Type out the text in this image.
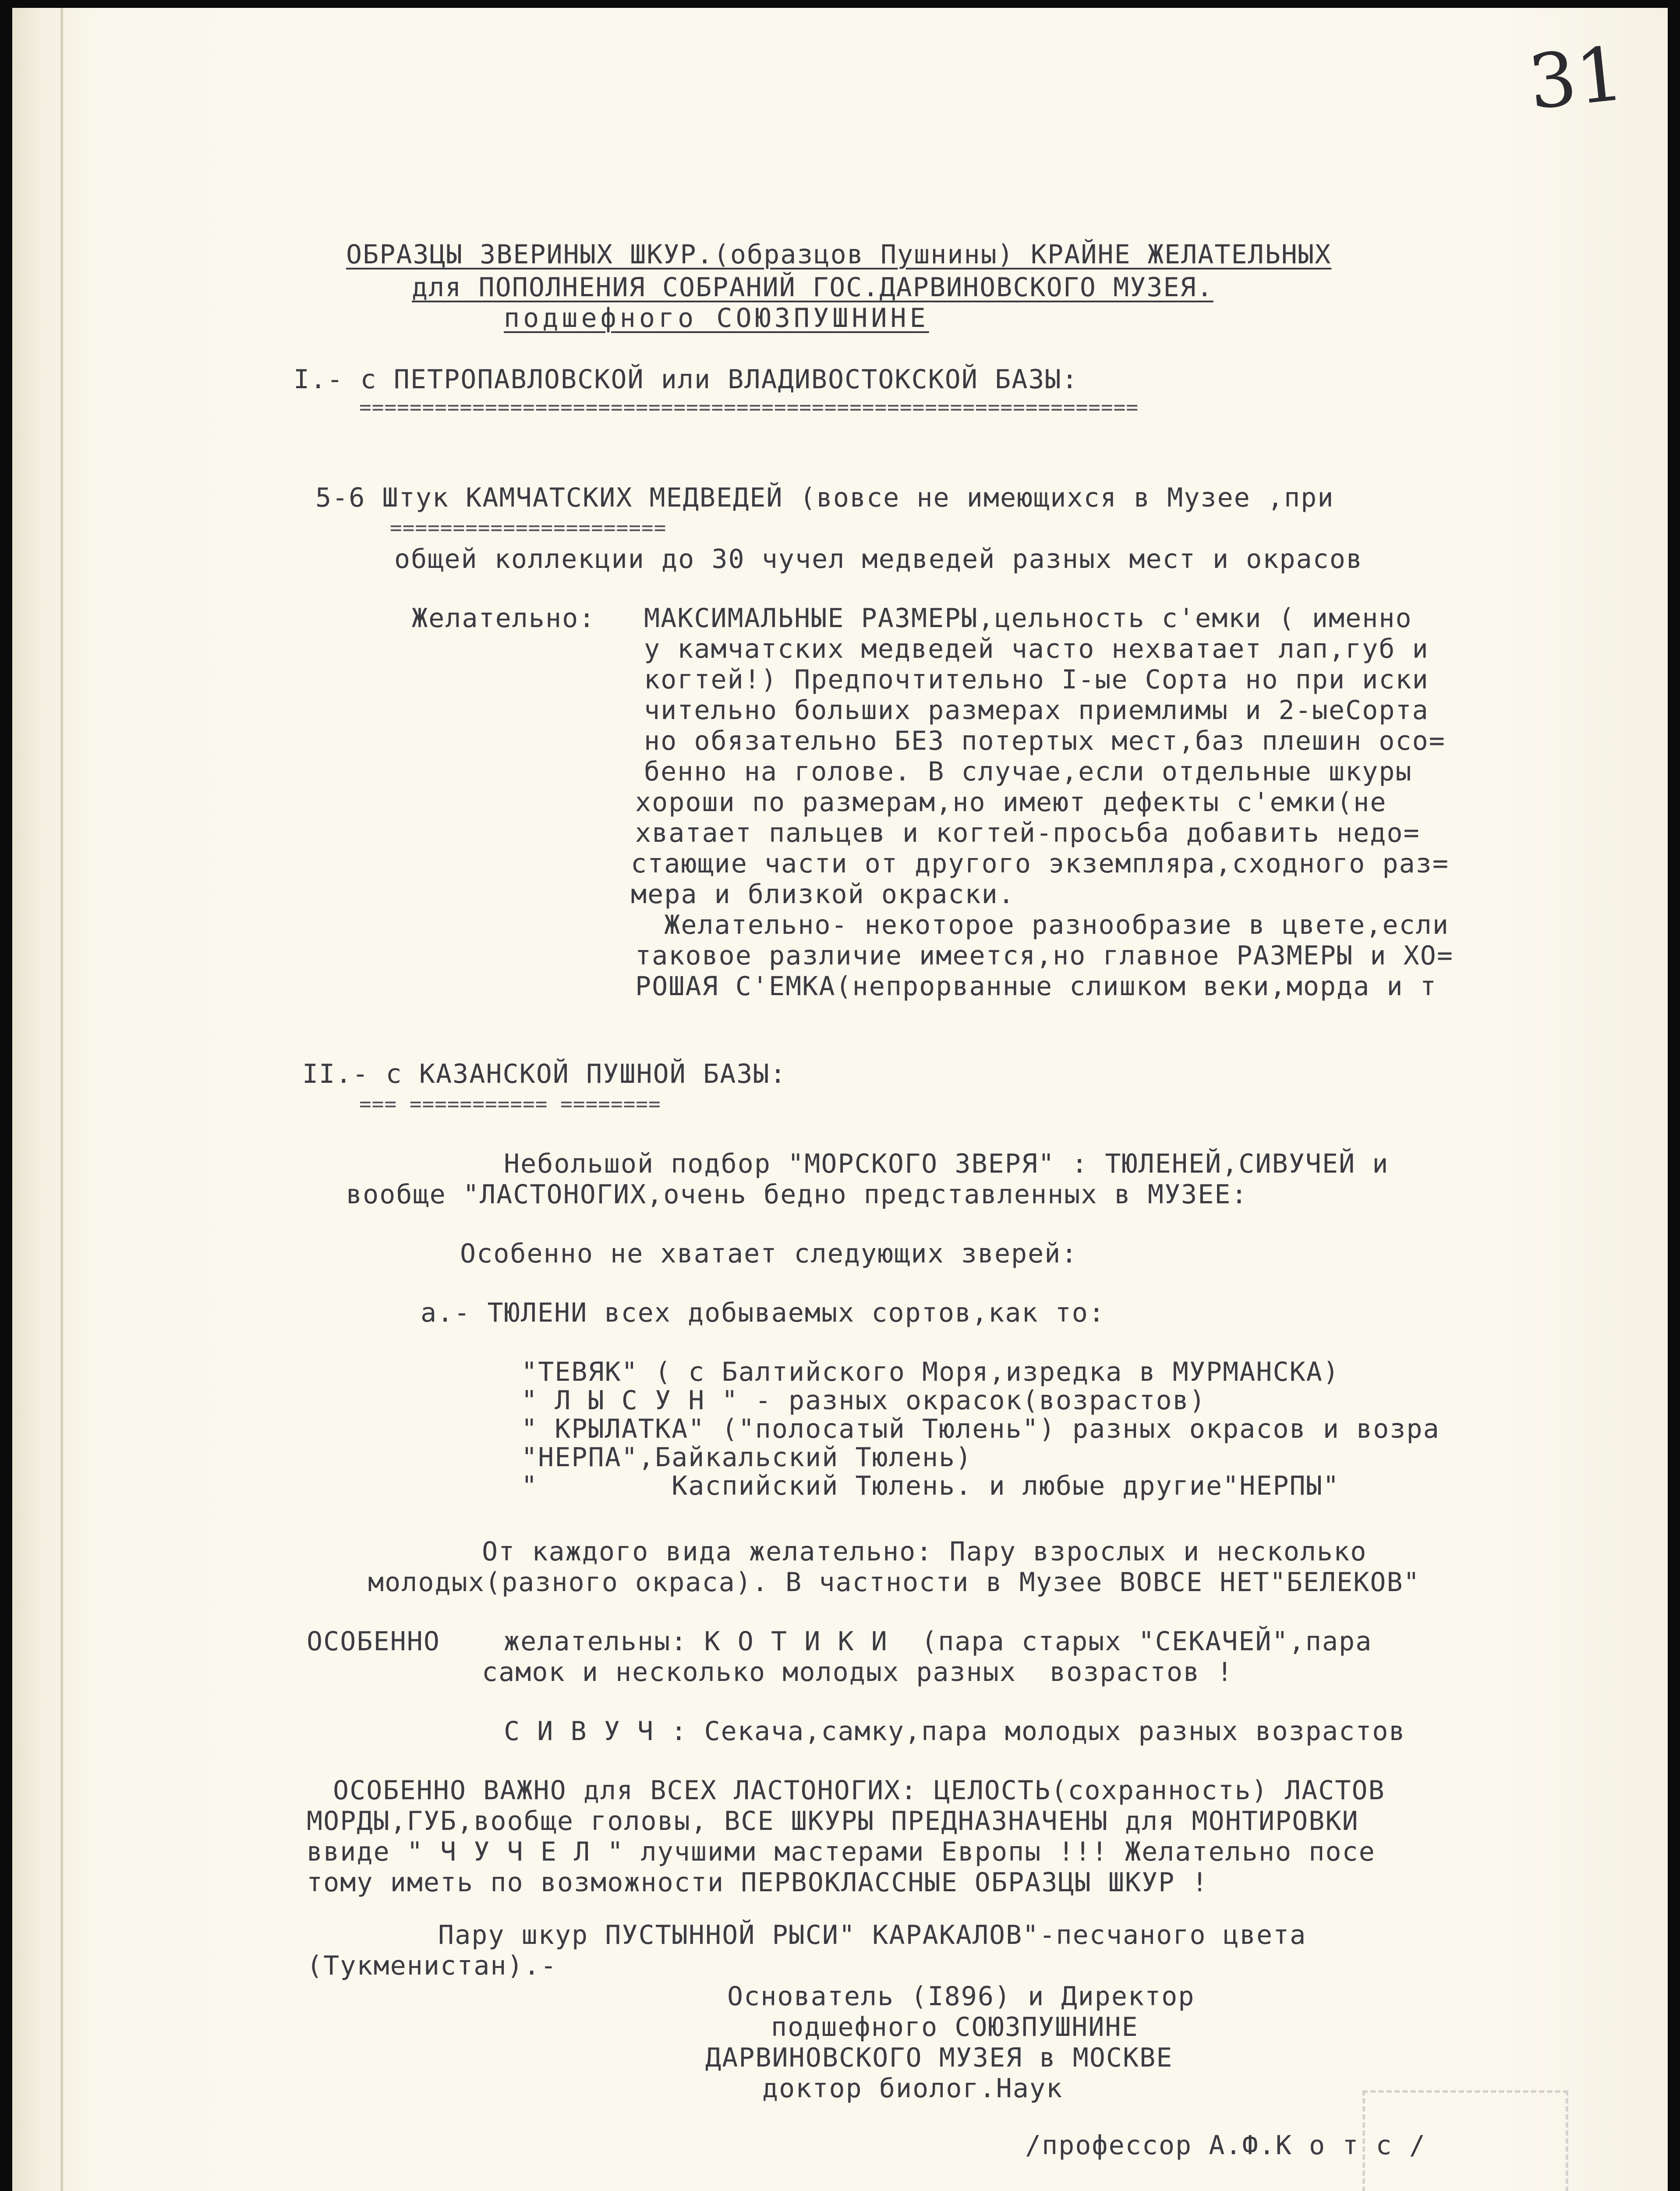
31
ОБРАЗЦЫ ЗВЕРИНЫХ ШКУР.(образцов Пушнины) КРАЙНЕ ЖЕЛАТЕЛЬНЫХ
для ПОПОЛНЕНИЯ СОБРАНИЙ ГОС.ДАРВИНОВСКОГО МУЗЕЯ.
подшефного СОЮЗПУШНИНЕ
I.- с ПЕТРОПАВЛОВСКОЙ или ВЛАДИВОСТОКСКОЙ БАЗЫ:
==============================================================
5-6 Штук КАМЧАТСКИХ МЕДВЕДЕЙ (вовсе не имеющихся в Музее ,при
======================
общей коллекции до 30 чучел медведей разных мест и окрасов
Желательно: МАКСИМАЛЬНЫЕ РАЗМЕРЫ,цельность с'емки ( именно
у камчатских медведей часто нехватает лап,губ и
когтей!) Предпочтительно I-ые Сорта но при иски
чительно больших размерах приемлимы и 2-ыеСорта
но обязательно БЕЗ потертых мест,баз плешин осо=
бенно на голове. В случае,если отдельные шкуры
хороши по размерам,но имеют дефекты с'емки(не
хватает пальцев и когтей-просьба добавить недо=
стающие части от другого экземпляра,сходного раз=
мера и близкой окраски.
Желательно- некоторое разнообразие в цвете,если
таковое различие имеется,но главное РАЗМЕРЫ и ХО=
РОШАЯ С'ЕМКА(непрорванные слишком веки,морда и т
II.- с КАЗАНСКОЙ ПУШНОЙ БАЗЫ:
=== =========== ========
Небольшой подбор "МОРСКОГО ЗВЕРЯ" : ТЮЛЕНЕЙ,СИВУЧЕЙ и
вообще "ЛАСТОНОГИХ,очень бедно представленных в МУЗЕЕ:
Особенно не хватает следующих зверей:
а.- ТЮЛЕНИ всех добываемых сортов,как то:
"ТЕВЯК" ( с Балтийского Моря,изредка в МУРМАНСКА)
" Л Ы С У Н " - разных окрасок(возрастов)
" КРЫЛАТКА" ("полосатый Тюлень") разных окрасов и возра
"НЕРПА",Байкальский Тюлень)
"        Каспийский Тюлень. и любые другие"НЕРПЫ"
От каждого вида желательно: Пару взрослых и несколько
молодых(разного окраса). В частности в Музее ВОВСЕ НЕТ"БЕЛЕКОВ"
ОСОБЕННО желательны: К О Т И К И  (пара старых "СЕКАЧЕЙ",пара
самок и несколько молодых разных  возрастов !
С И В У Ч : Секача,самку,пара молодых разных возрастов
ОСОБЕННО ВАЖНО для ВСЕХ ЛАСТОНОГИХ: ЦЕЛОСТЬ(сохранность) ЛАСТОВ
МОРДЫ,ГУБ,вообще головы, ВСЕ ШКУРЫ ПРЕДНАЗНАЧЕНЫ для МОНТИРОВКИ
ввиде " Ч У Ч Е Л " лучшими мастерами Европы !!! Желательно посе
тому иметь по возможности ПЕРВОКЛАССНЫЕ ОБРАЗЦЫ ШКУР !
Пару шкур ПУСТЫННОЙ РЫСИ" КАРАКАЛОВ"-песчаного цвета
(Тукменистан).-
Основатель (I896) и Директор
подшефного СОЮЗПУШНИНЕ
ДАРВИНОВСКОГО МУЗЕЯ в МОСКВЕ
доктор биолог.Наук
/профессор А.Ф.К о т с /
